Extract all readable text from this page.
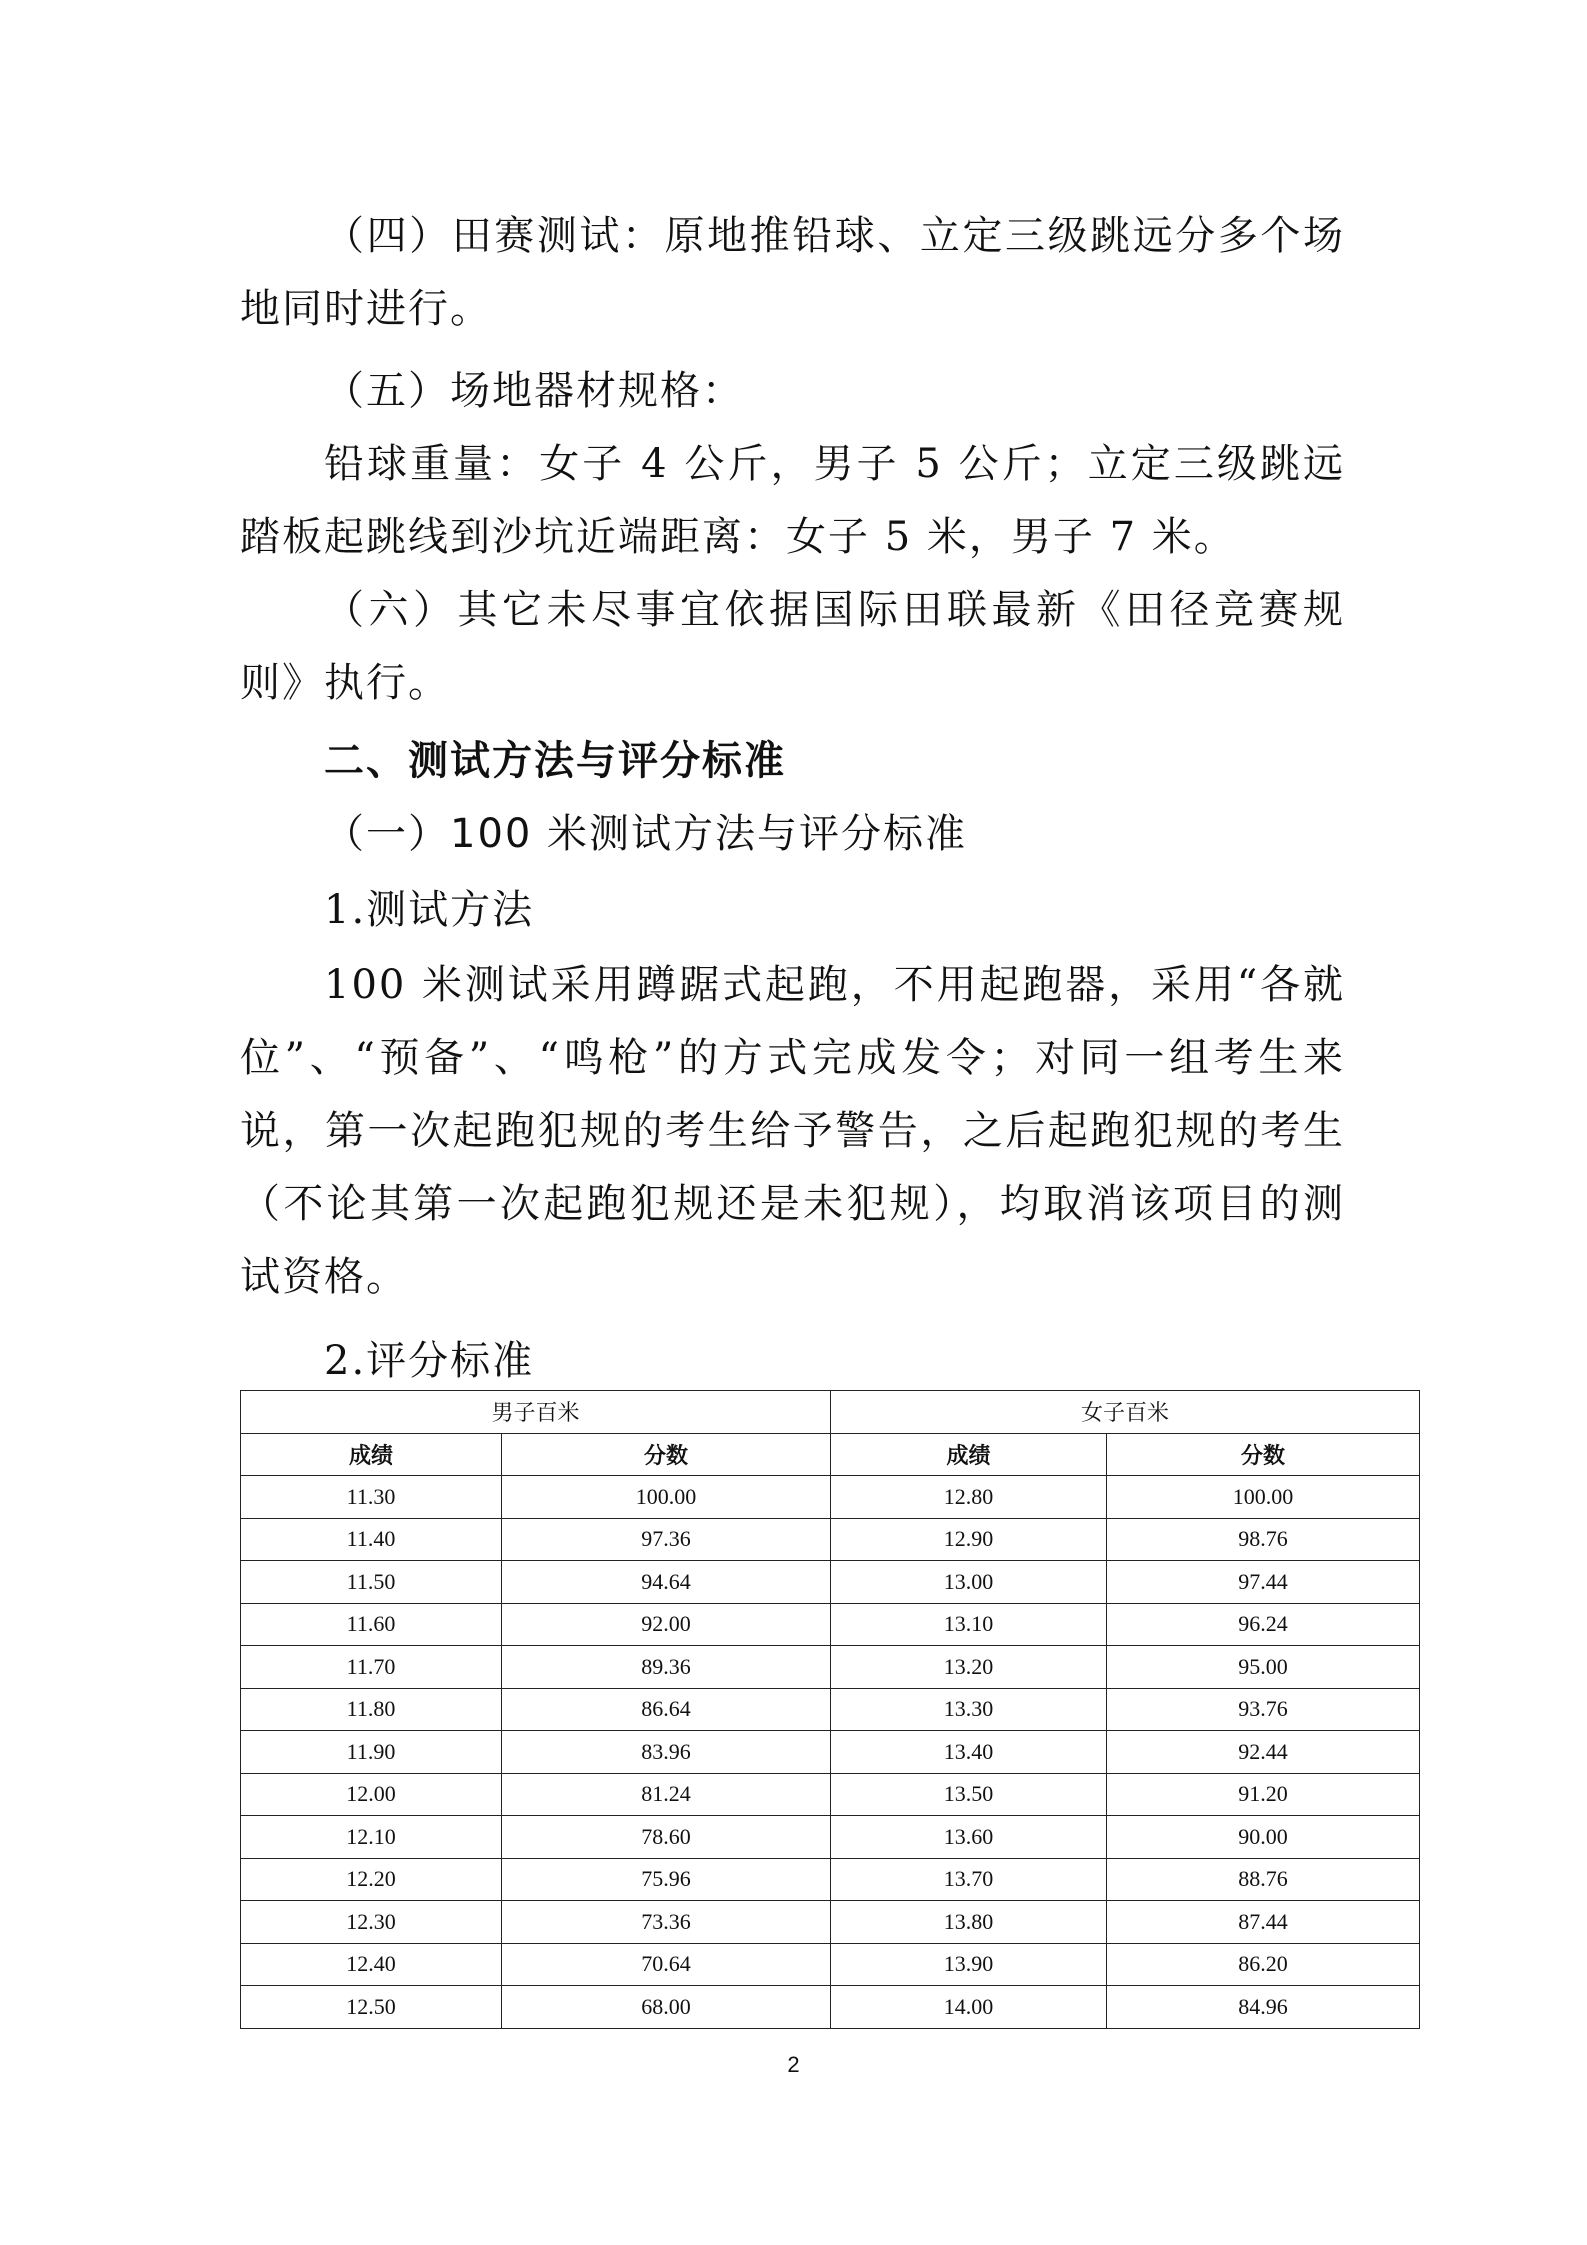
（四）田赛测试：原地推铅球、立定三级跳远分多个场地同时进行。

（五）场地器材规格：

铅球重量：女子 4 公斤，男子 5 公斤；立定三级跳远踏板起跳线到沙坑近端距离：女子 5 米，男子 7 米。

（六）其它未尽事宜依据国际田联最新《田径竞赛规则》执行。

二、测试方法与评分标准

（一）100 米测试方法与评分标准

1.测试方法

100 米测试采用蹲踞式起跑，不用起跑器，采用“各就位”、“预备”、“鸣枪”的方式完成发令；对同一组考生来说，第一次起跑犯规的考生给予警告，之后起跑犯规的考生（不论其第一次起跑犯规还是未犯规），均取消该项目的测试资格。

2.评分标准

男子百米		女子百米	
成绩	分数	成绩	分数
11.30	100.00	12.80	100.00
11.40	97.36	12.90	98.76
11.50	94.64	13.00	97.44
11.60	92.00	13.10	96.24
11.70	89.36	13.20	95.00
11.80	86.64	13.30	93.76
11.90	83.96	13.40	92.44
12.00	81.24	13.50	91.20
12.10	78.60	13.60	90.00
12.20	75.96	13.70	88.76
12.30	73.36	13.80	87.44
12.40	70.64	13.90	86.20
12.50	68.00	14.00	84.96
2
